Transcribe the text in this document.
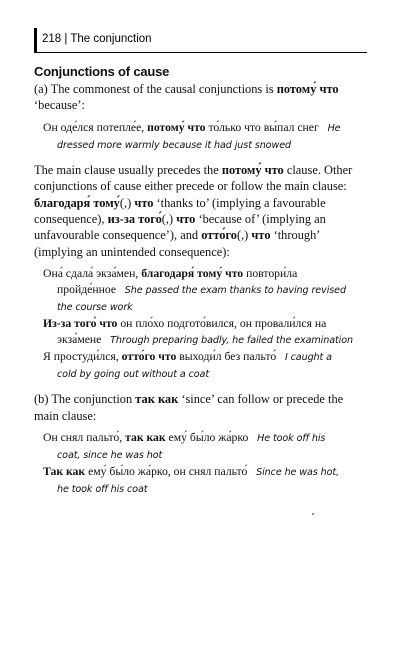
218 | The conjunction
Conjunctions of cause

(a) The commonest of the causal conjunctions is потому́ что
‘because’:

Он оде́лся потепле́е, потому́ что то́лько что вы́пал снег He
dressed more warmly because it had just snowed

The main clause usually precedes the потому́ что clause. Other
conjunctions of cause either precede or follow the main clause:
благодаря́ тому́(,) что ‘thanks to’ (implying a favourable
consequence), из-за того́(,) что ‘because of’ (implying an
unfavourable consequence’), and отто́го(,) что ‘through’
(implying an unintended consequence):

Она́ сдала́ экза́мен, благодаря́ тому́ что повтори́ла
пройде́нное She passed the exam thanks to having revised
the course work

Из-за того́ что он пло́хо подгото́вился, он провали́лся на
экза́мене Through preparing badly, he failed the examination

Я простуди́лся, отто́го что выходи́л без пальто́ I caught a
cold by going out without a coat

(b) The conjunction так как ‘since’ can follow or precede the
main clause:

Он снял пальто́, так как ему́ бы́ло жа́рко He took off his
coat, since he was hot

Так как ему́ бы́ло жа́рко, он снял пальто́ Since he was hot,
he took off his coat
